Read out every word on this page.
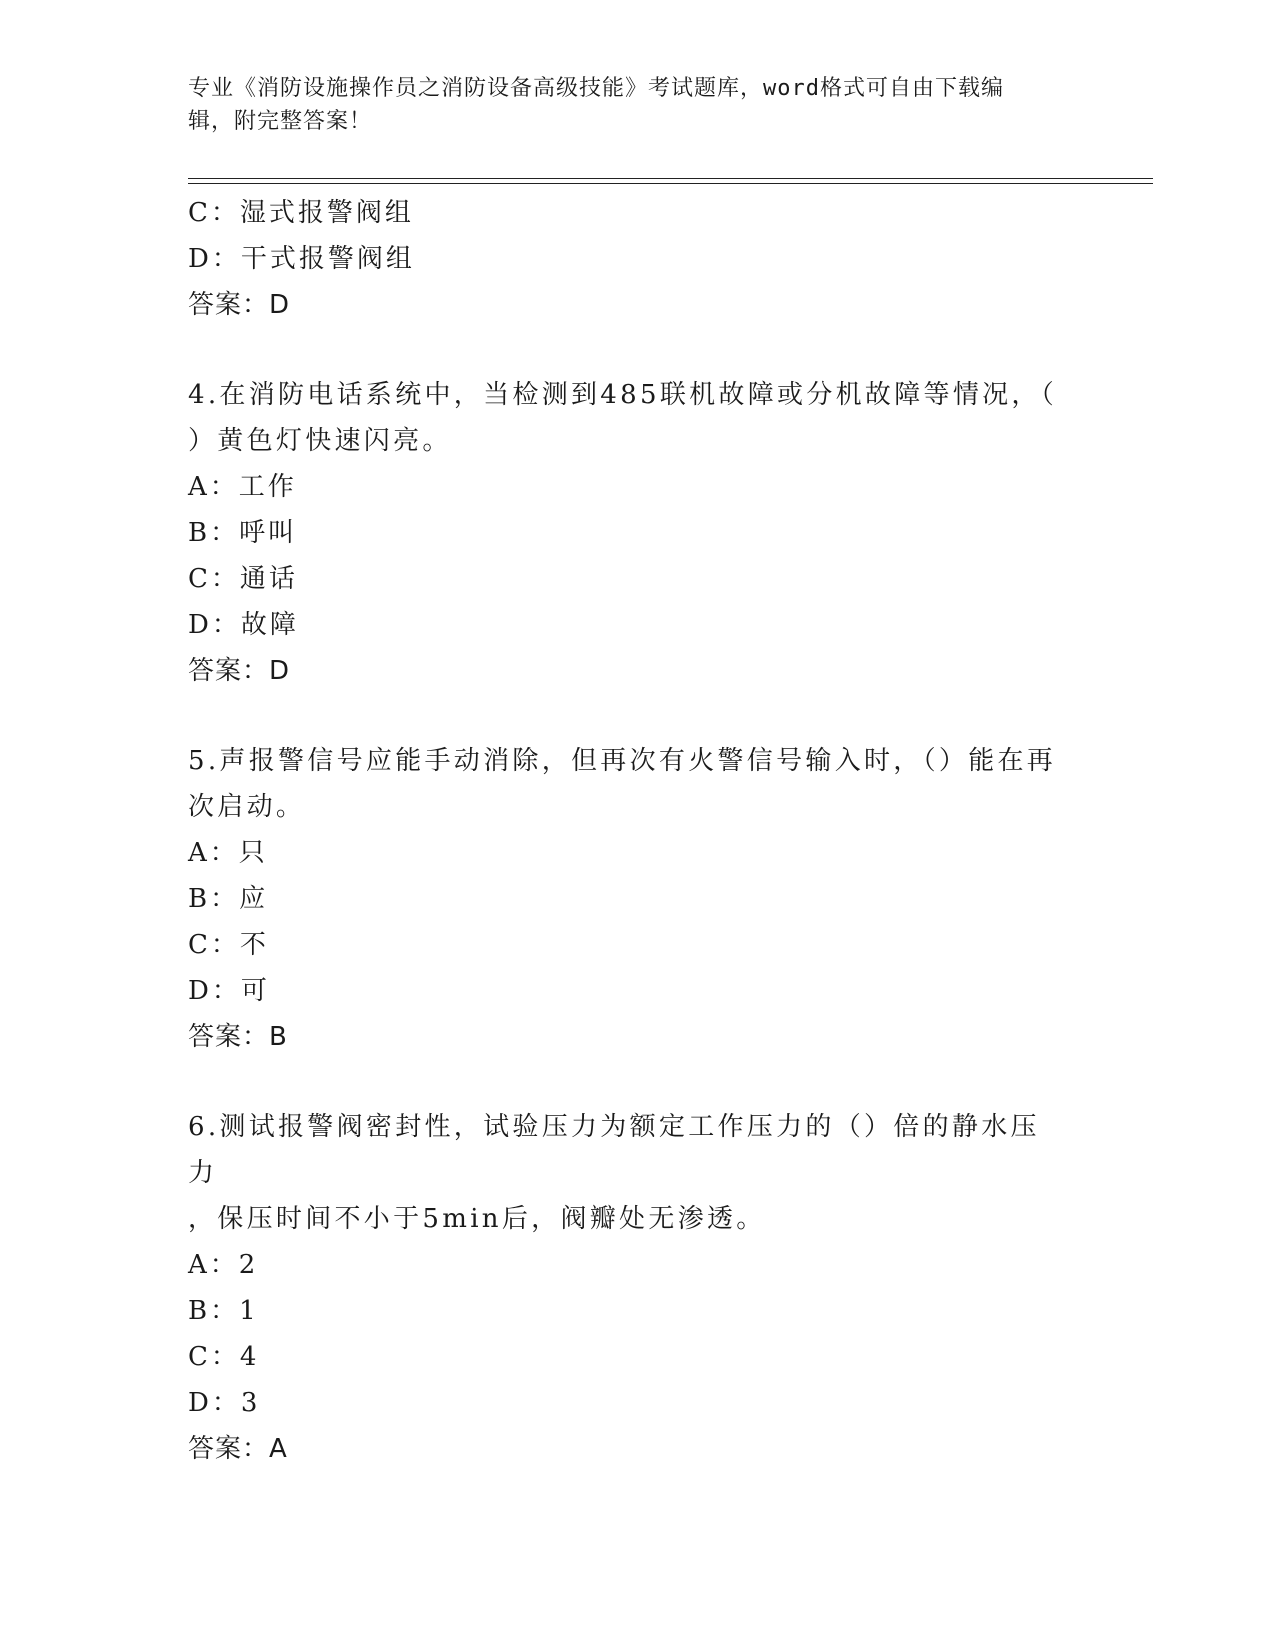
专业《消防设施操作员之消防设备高级技能》考试题库，word格式可自由下载编
辑，附完整答案！
C：湿式报警阀组
D：干式报警阀组
答案：D
4.在消防电话系统中，当检测到485联机故障或分机故障等情况，（
）黄色灯快速闪亮。
A：工作
B：呼叫
C：通话
D：故障
答案：D
5.声报警信号应能手动消除，但再次有火警信号输入时，（）能在再
次启动。
A：只
B：应
C：不
D：可
答案：B
6.测试报警阀密封性，试验压力为额定工作压力的（）倍的静水压力
，保压时间不小于5min后，阀瓣处无渗透。
A：2
B：1
C：4
D：3
答案：A
